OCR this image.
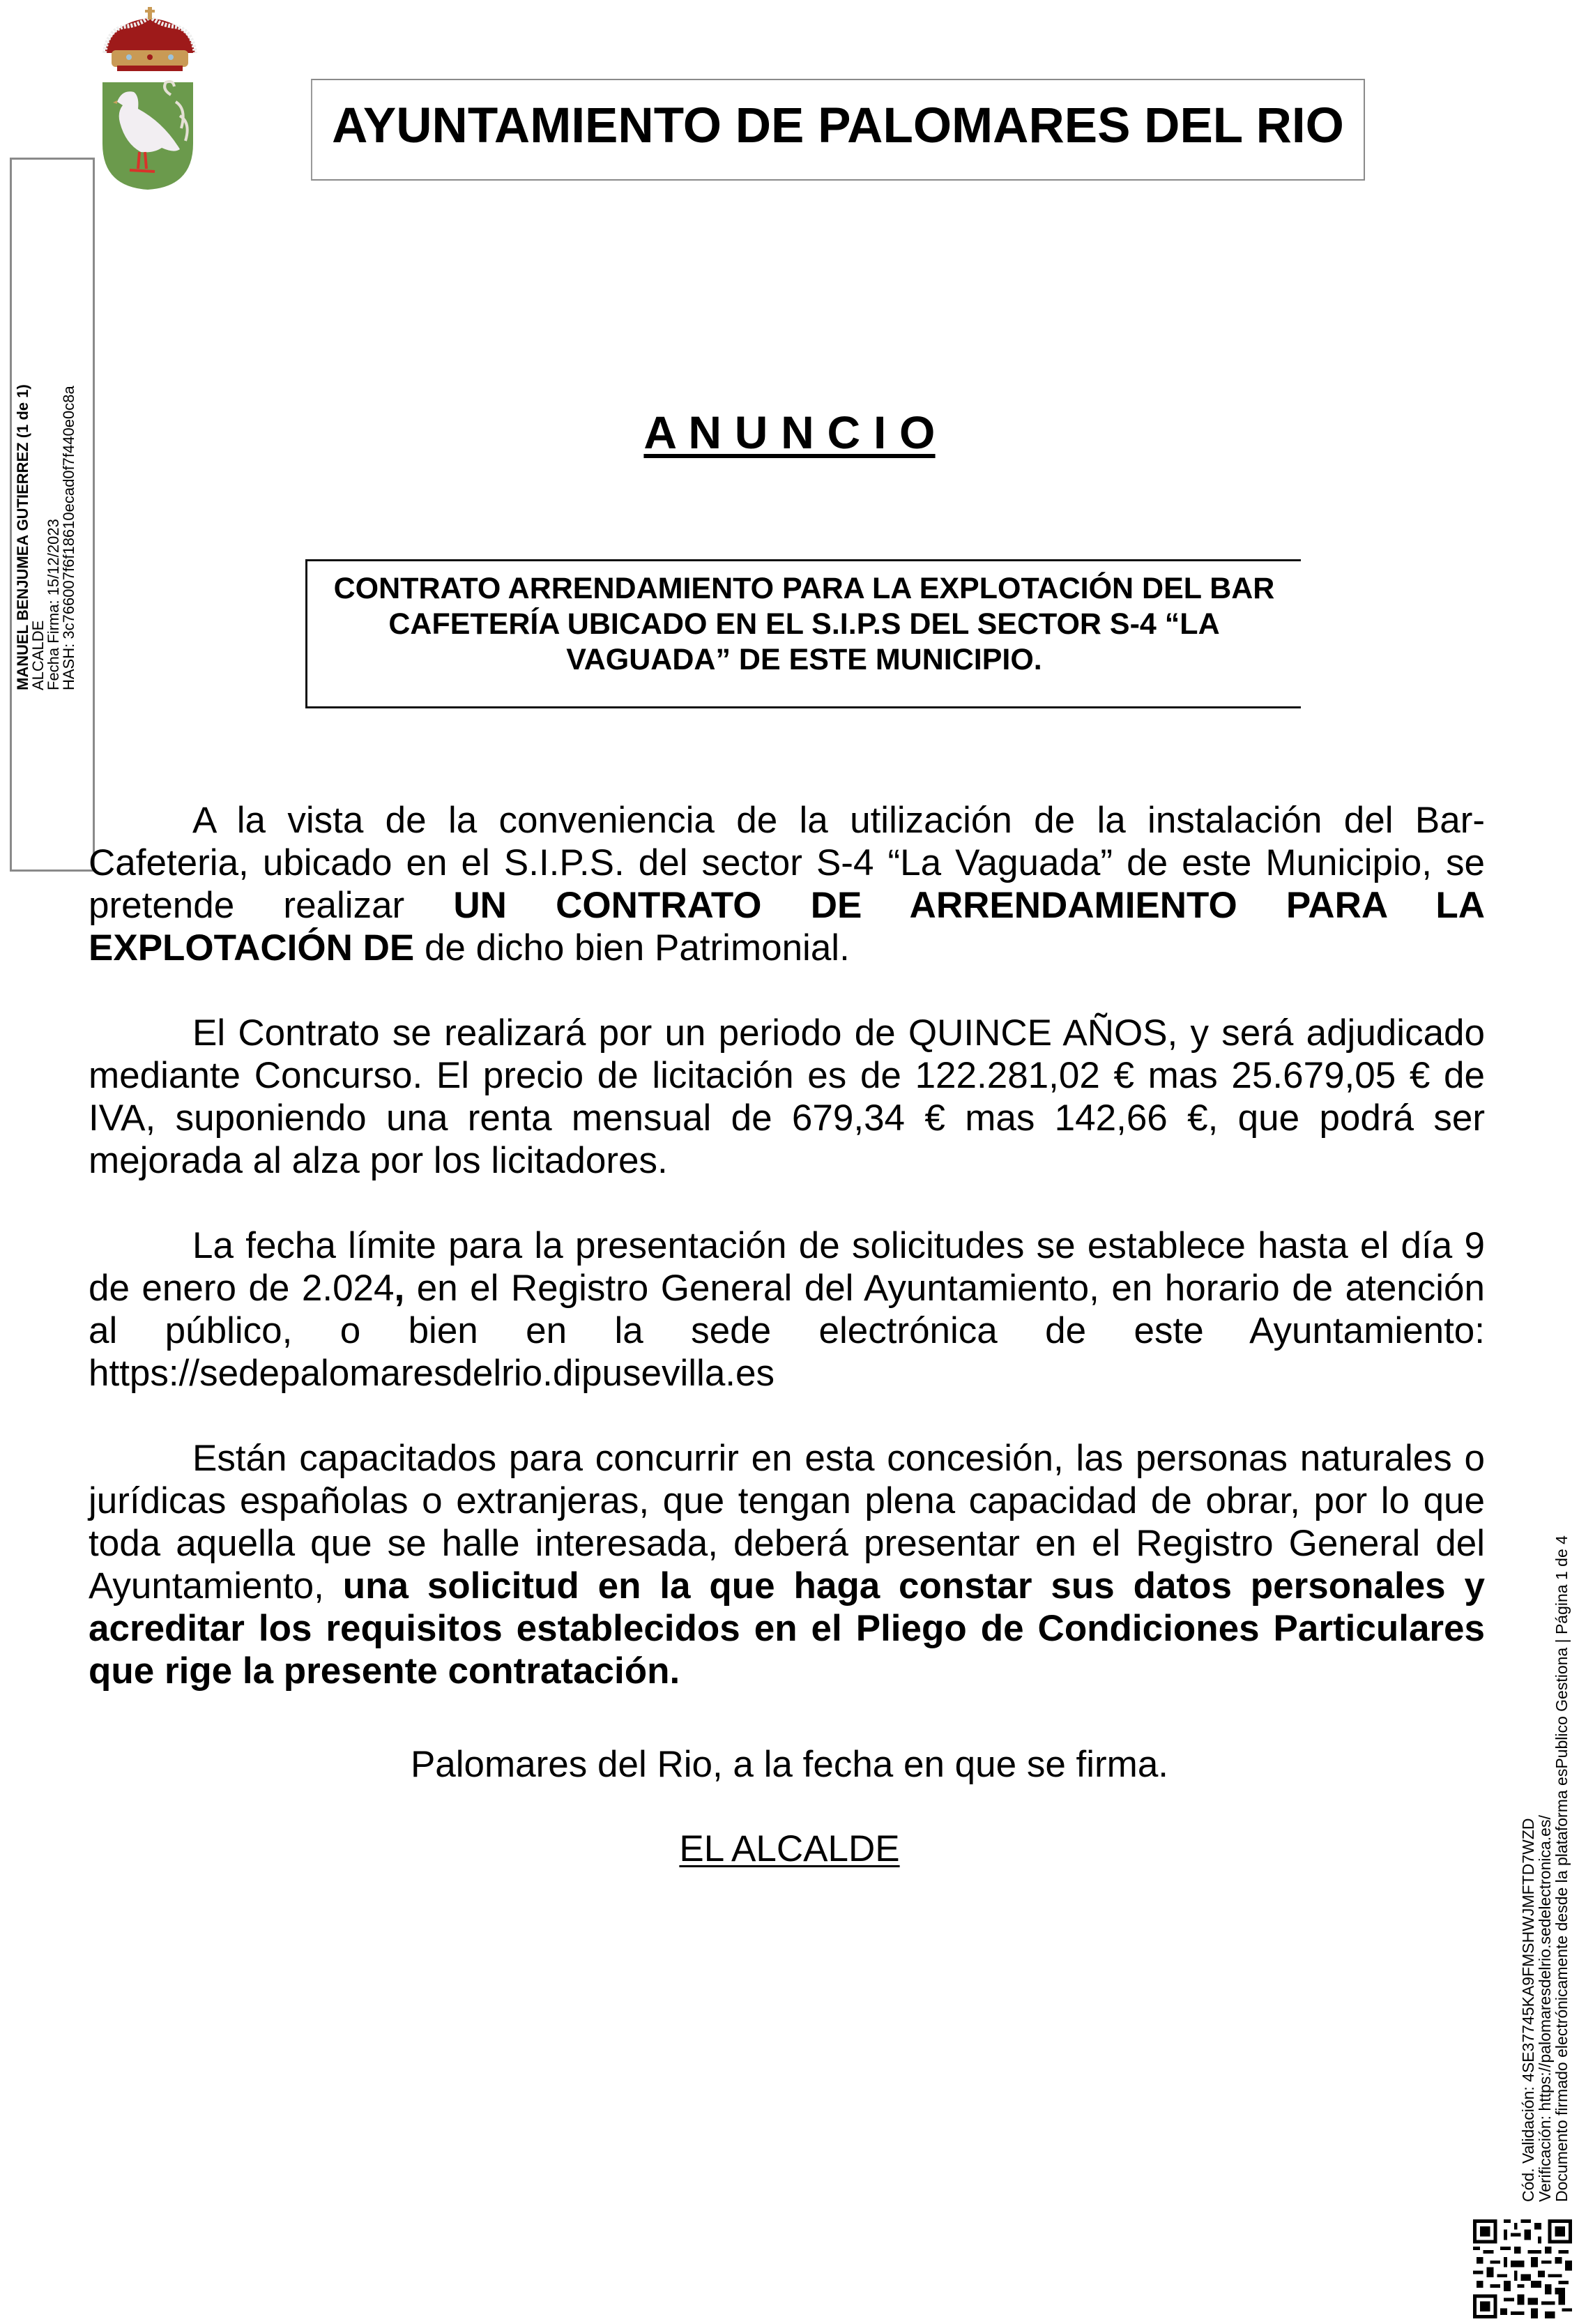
AYUNTAMIENTO DE PALOMARES DEL RIO
MANUEL BENJUMEA GUTIERREZ (1 de 1)
ALCALDE
Fecha Firma: 15/12/2023
HASH: 3c766007f6f18610ecad0f7f440e0c8a	A N U N C I O
CONTRATO ARRENDAMIENTO PARA LA EXPLOTACIÓN DEL BAR
CAFETERÍA UBICADO EN EL S.I.P.S DEL SECTOR S-4 “LA
VAGUADA” DE ESTE MUNICIPIO.

A la vista de la conveniencia de la utilización de la instalación del Bar-Cafeteria, ubicado en el S.I.P.S. del sector S-4 “La Vaguada” de este Municipio, se pretende realizar UN CONTRATO DE ARRENDAMIENTO PARA LA EXPLOTACIÓN DE de dicho bien Patrimonial.

El Contrato se realizará por un periodo de QUINCE AÑOS, y será adjudicado mediante Concurso. El precio de licitación es de 122.281,02 € mas 25.679,05 € de IVA, suponiendo una renta mensual de 679,34 € mas 142,66 €, que podrá ser mejorada al alza por los licitadores.

La fecha límite para la presentación de solicitudes se establece hasta el día 9 de enero de 2.024, en el Registro General del Ayuntamiento, en horario de atención al público, o bien en la sede electrónica de este Ayuntamiento: https://sedepalomaresdelrio.dipusevilla.es

Están capacitados para concurrir en esta concesión, las personas naturales o jurídicas españolas o extranjeras, que tengan plena capacidad de obrar, por lo que toda aquella que se halle interesada, deberá presentar en el Registro General del Ayuntamiento, una solicitud en la que haga constar sus datos personales y acreditar los requisitos establecidos en el Pliego de Condiciones Particulares que rige la presente contratación.

Palomares del Rio, a la fecha en que se firma.
EL ALCALDE	Cód. Validación: 4SE37745KA9FMSHWJMFTD7WZD
Verificación: https://palomaresdelrio.sedelectronica.es/
Documento firmado electrónicamente desde la plataforma esPublico Gestiona | Página 1 de 4
